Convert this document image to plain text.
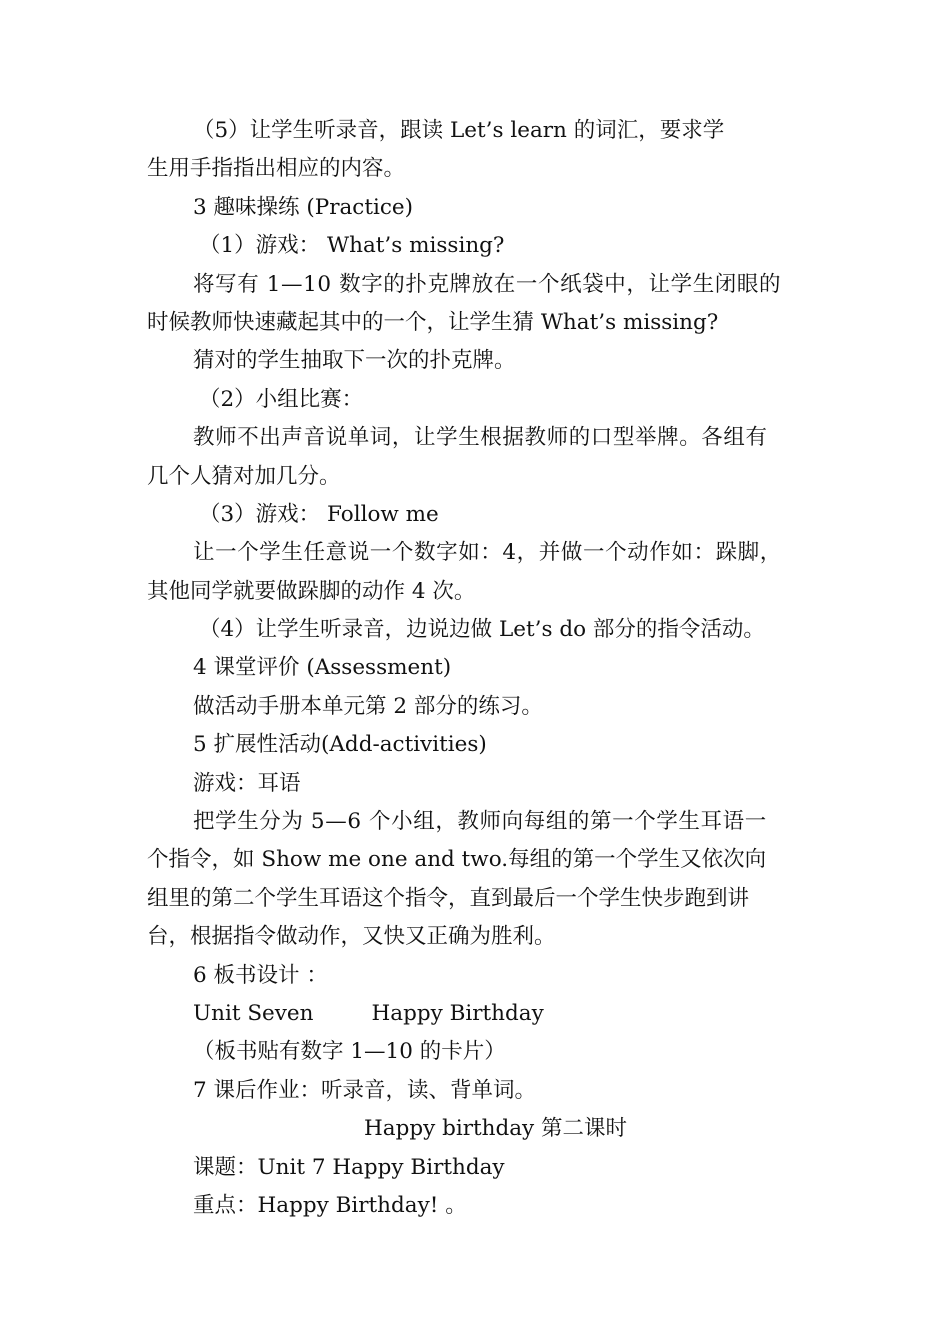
（5）让学生听录音，跟读 Let’s learn 的词汇，要求学
生用手指指出相应的内容。
3 趣味操练 (Practice)
（1）游戏： What’s missing?
将写有 1—10 数字的扑克牌放在一个纸袋中，让学生闭眼的
时候教师快速藏起其中的一个，让学生猜 What’s missing?
猜对的学生抽取下一次的扑克牌。
（2）小组比赛：
教师不出声音说单词，让学生根据教师的口型举牌。各组有
几个人猜对加几分。
（3）游戏： Follow me
让一个学生任意说一个数字如：4，并做一个动作如：跺脚，
其他同学就要做跺脚的动作 4 次。
（4）让学生听录音，边说边做 Let’s do 部分的指令活动。
4 课堂评价 (Assessment)
做活动手册本单元第 2 部分的练习。
5 扩展性活动(Add-activities)
游戏：耳语
把学生分为 5—6 个小组，教师向每组的第一个学生耳语一
个指令，如 Show me one and two.每组的第一个学生又依次向
组里的第二个学生耳语这个指令，直到最后一个学生快步跑到讲
台，根据指令做动作，又快又正确为胜利。
6 板书设计 ：
Unit Seven	Happy Birthday
（板书贴有数字 1—10 的卡片）
7 课后作业：听录音，读、背单词。
Happy birthday 第二课时
课题：Unit 7 Happy Birthday
重点：Happy Birthday! 。
